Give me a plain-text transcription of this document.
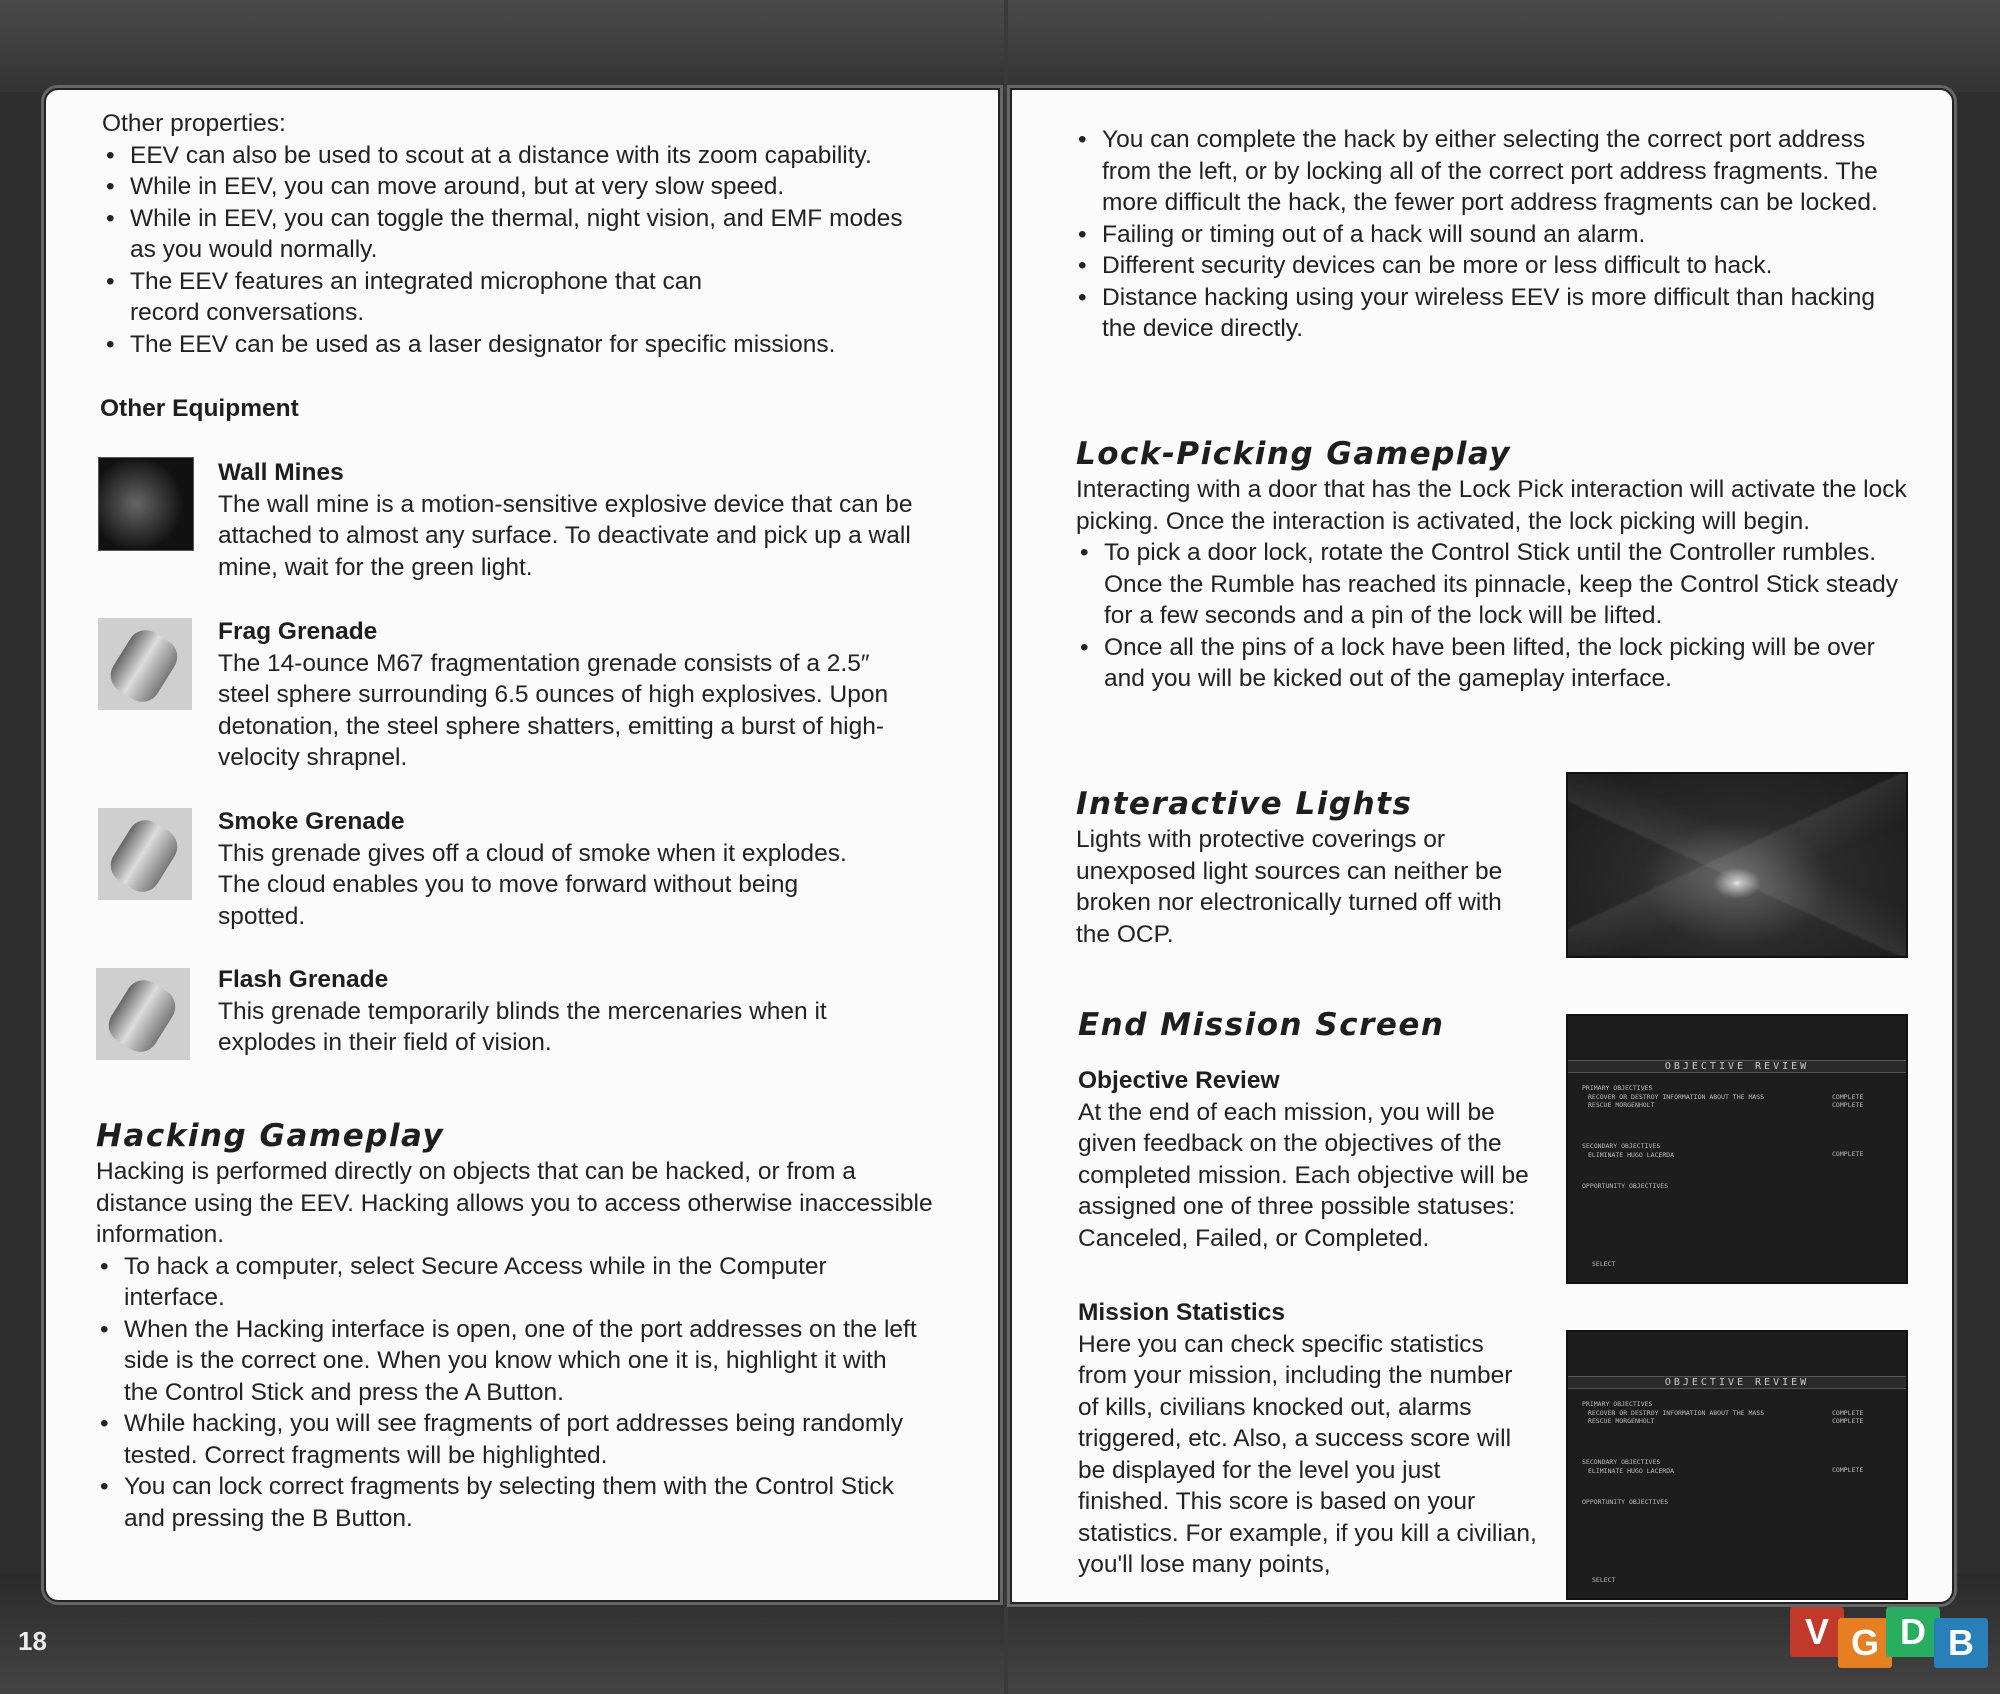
Other properties:

• EEV can also be used to scout at a distance with its zoom capability.
• While in EEV, you can move around, but at very slow speed.
• While in EEV, you can toggle the thermal, night vision, and EMF modes as you would normally.
• The EEV features an integrated microphone that can record conversations.
• The EEV can be used as a laser designator for specific missions.
Other Equipment

Wall Mines

The wall mine is a motion-sensitive explosive device that can be attached to almost any surface. To deactivate and pick up a wall mine, wait for the green light.

Frag Grenade

The 14-ounce M67 fragmentation grenade consists of a 2.5″ steel sphere surrounding 6.5 ounces of high explosives. Upon detonation, the steel sphere shatters, emitting a burst of high-velocity shrapnel.

Smoke Grenade

This grenade gives off a cloud of smoke when it explodes. The cloud enables you to move forward without being spotted.

Flash Grenade

This grenade temporarily blinds the mercenaries when it explodes in their field of vision.

Hacking Gameplay

Hacking is performed directly on objects that can be hacked, or from a distance using the EEV. Hacking allows you to access otherwise inaccessible information.

• To hack a computer, select Secure Access while in the Computer interface.
• When the Hacking interface is open, one of the port addresses on the left side is the correct one. When you know which one it is, highlight it with the Control Stick and press the A Button.
• While hacking, you will see fragments of port addresses being randomly tested. Correct fragments will be highlighted.
• You can lock correct fragments by selecting them with the Control Stick and pressing the B Button.
18
• You can complete the hack by either selecting the correct port address from the left, or by locking all of the correct port address fragments. The more difficult the hack, the fewer port address fragments can be locked.
• Failing or timing out of a hack will sound an alarm.
• Different security devices can be more or less difficult to hack.
• Distance hacking using your wireless EEV is more difficult than hacking the device directly.

Lock-Picking Gameplay

Interacting with a door that has the Lock Pick interaction will activate the lock picking. Once the interaction is activated, the lock picking will begin.

• To pick a door lock, rotate the Control Stick until the Controller rumbles. Once the Rumble has reached its pinnacle, keep the Control Stick steady for a few seconds and a pin of the lock will be lifted.
• Once all the pins of a lock have been lifted, the lock picking will be over and you will be kicked out of the gameplay interface.

Interactive Lights

Lights with protective coverings or unexposed light sources can neither be broken nor electronically turned off with the OCP.

End Mission Screen

Objective Review

At the end of each mission, you will be given feedback on the objectives of the completed mission. Each objective will be assigned one of three possible statuses: Canceled, Failed, or Completed.

Mission Statistics

Here you can check specific statistics from your mission, including the number of kills, civilians knocked out, alarms triggered, etc. Also, a success score will be displayed for the level you just finished. This score is based on your statistics. For example, if you kill a civilian, you'll lose many points,

OBJECTIVE REVIEW
PRIMARY OBJECTIVES
RECOVER OR DESTROY INFORMATION ABOUT THE MASS
RESCUE MORGENHOLT
COMPLETE
COMPLETE
SECONDARY OBJECTIVES
ELIMINATE HUGO LACERDA	COMPLETE
OPPORTUNITY OBJECTIVES
SELECT
OBJECTIVE REVIEW
PRIMARY OBJECTIVES
RECOVER OR DESTROY INFORMATION ABOUT THE MASS
RESCUE MORGENHOLT
COMPLETE
COMPLETE
SECONDARY OBJECTIVES
ELIMINATE HUGO LACERDA	COMPLETE
OPPORTUNITY OBJECTIVES
SELECT
V G D B
